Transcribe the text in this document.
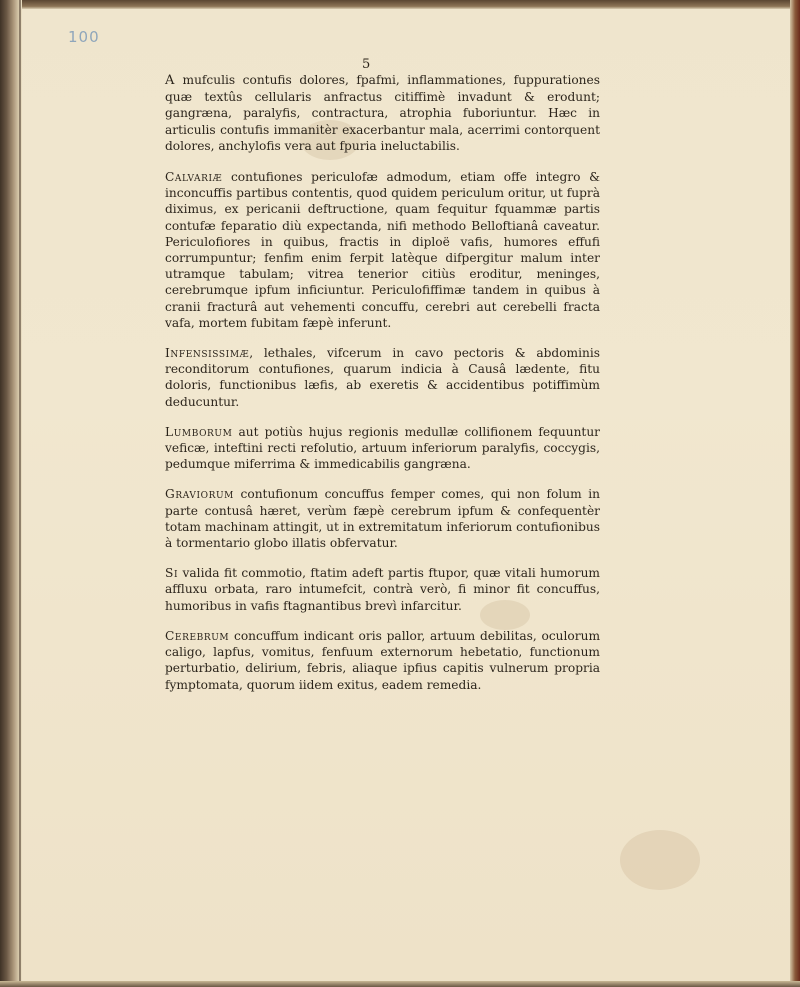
100
5

A mufculis contufis dolores, fpafmi, inflammationes, fuppurationes quæ textûs cellularis anfractus citiffimè invadunt & erodunt; gangræna, paralyfis, contractura, atrophia fuboriuntur. Hæc in articulis contufis immanitèr exacerbantur mala, acerrimi contorquent dolores, anchylofis vera aut fpuria ineluctabilis.

Calvariæ contufiones periculofæ admodum, etiam offe integro & inconcuffis partibus contentis, quod quidem periculum oritur, ut fuprà diximus, ex pericanii deftructione, quam fequitur fquammæ partis contufæ feparatio diù expectanda, nifi methodo Belloftianâ caveatur. Periculofiores in quibus, fractis in diploë vafis, humores effufi corrumpuntur; fenfim enim ferpit latèque difpergitur malum inter utramque tabulam; vitrea tenerior citiùs eroditur, meninges, cerebrumque ipfum inficiuntur. Periculofiffimæ tandem in quibus à cranii fracturâ aut vehementi concuffu, cerebri aut cerebelli fracta vafa, mortem fubitam fæpè inferunt.

Infensissimæ, lethales, vifcerum in cavo pectoris & abdominis reconditorum contufiones, quarum indicia à Causâ lædente, fitu doloris, functionibus læfis, ab exeretis & accidentibus potiffimùm deducuntur.

Lumborum aut potiùs hujus regionis medullæ collifionem fequuntur veficæ, inteftini recti refolutio, artuum inferiorum paralyfis, coccygis, pedumque miferrima & immedicabilis gangræna.

Graviorum contufionum concuffus femper comes, qui non folum in parte contusâ hæret, verùm fæpè cerebrum ipfum & confequentèr totam machinam attingit, ut in extremitatum inferiorum contufionibus à tormentario globo illatis obfervatur.

Si valida fit commotio, ftatim adeft partis ftupor, quæ vitali humorum affluxu orbata, raro intumefcit, contrà verò, fi minor fit concuffus, humoribus in vafis ftagnantibus brevì infarcitur.

Cerebrum concuffum indicant oris pallor, artuum debilitas, oculorum caligo, lapfus, vomitus, fenfuum externorum hebetatio, functionum perturbatio, delirium, febris, aliaque ipfius capitis vulnerum propria fymptomata, quorum iidem exitus, eadem remedia.
